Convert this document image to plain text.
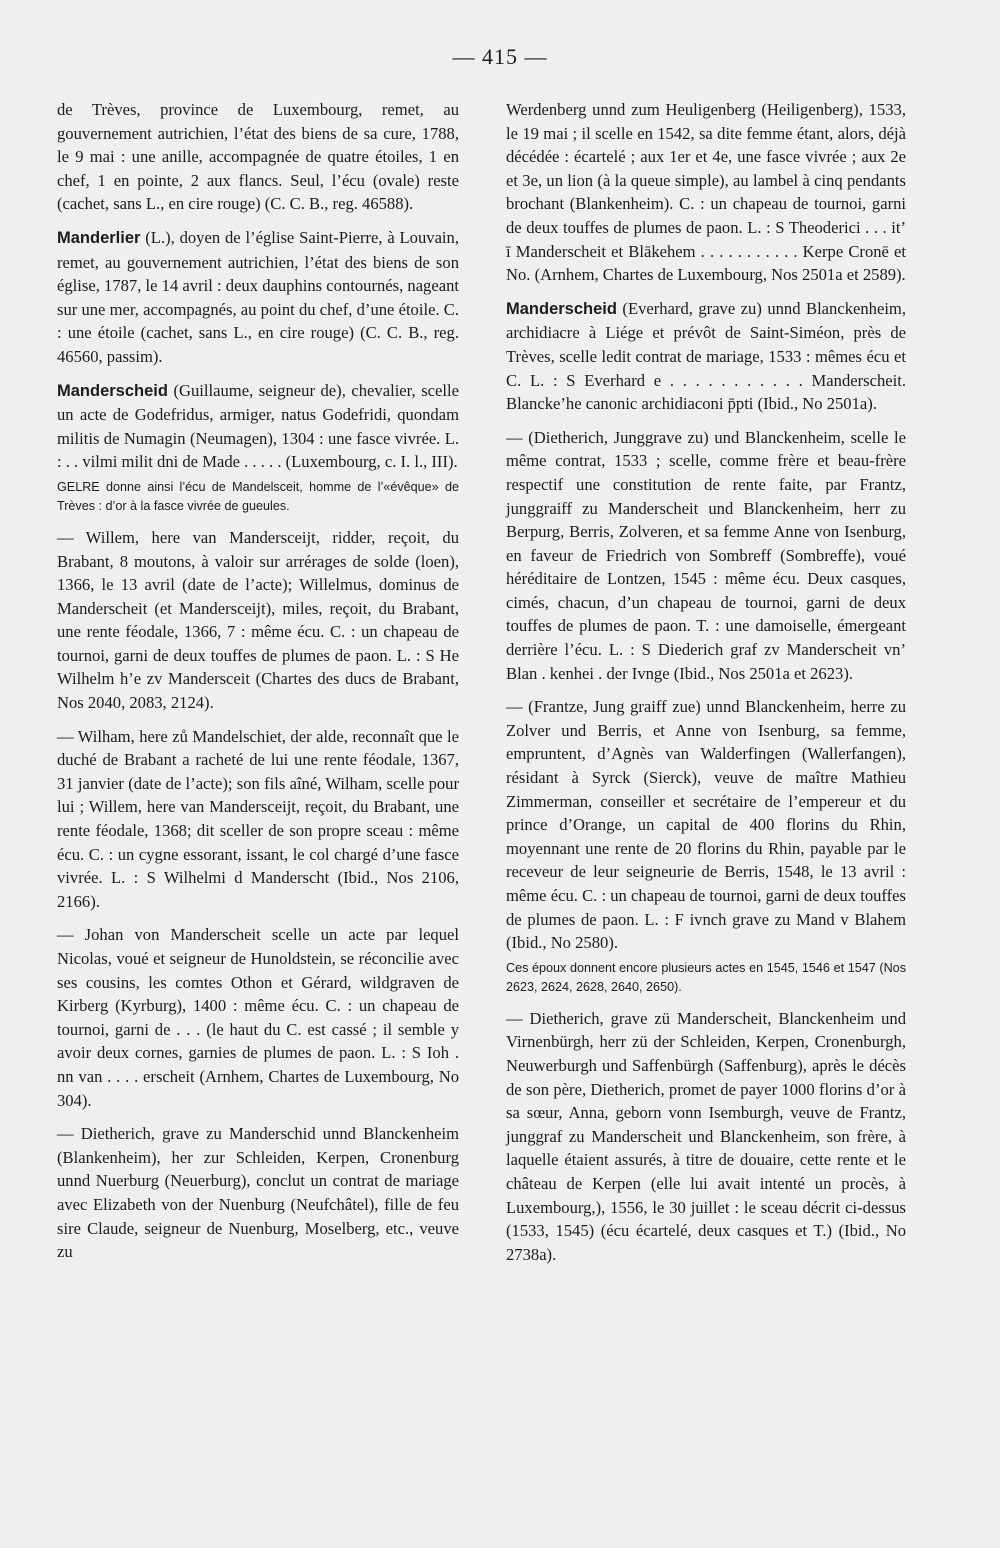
— 415 —

de Trèves, province de Luxembourg, remet, au gouvernement autrichien, l’état des biens de sa cure, 1788, le 9 mai : une anille, accompagnée de quatre étoiles, 1 en chef, 1 en pointe, 2 aux flancs. Seul, l’écu (ovale) reste (cachet, sans L., en cire rouge) (C. C. B., reg. 46588).

Manderlier (L.), doyen de l’église Saint-Pierre, à Louvain, remet, au gouvernement autrichien, l’état des biens de son église, 1787, le 14 avril : deux dauphins contournés, nageant sur une mer, accompagnés, au point du chef, d’une étoile. C. : une étoile (cachet, sans L., en cire rouge) (C. C. B., reg. 46560, passim).

Manderscheid (Guillaume, seigneur de), chevalier, scelle un acte de Godefridus, armiger, natus Godefridi, quondam militis de Numagin (Neumagen), 1304 : une fasce vivrée. L. : . . vilmi milit dni de Made . . . . . (Luxembourg, c. I. l., III).

GELRE donne ainsi l’écu de Mandelsceit, homme de l’«évêque» de Trèves : d’or à la fasce vivrée de gueules.

— Willem, here van Mandersceijt, ridder, reçoit, du Brabant, 8 moutons, à valoir sur arrérages de solde (loen), 1366, le 13 avril (date de l’acte); Willelmus, dominus de Manderscheit (et Mandersceijt), miles, reçoit, du Brabant, une rente féodale, 1366, 7 : même écu. C. : un chapeau de tournoi, garni de deux touffes de plumes de paon. L. : S He Wilhelm h’e zv Mandersceit (Chartes des ducs de Brabant, Nos 2040, 2083, 2124).

— Wilham, here zů Mandelschiet, der alde, reconnaît que le duché de Brabant a racheté de lui une rente féodale, 1367, 31 janvier (date de l’acte); son fils aîné, Wilham, scelle pour lui ; Willem, here van Mandersceijt, reçoit, du Brabant, une rente féodale, 1368; dit sceller de son propre sceau : même écu. C. : un cygne essorant, issant, le col chargé d’une fasce vivrée. L. : S Wilhelmi d Manderscht (Ibid., Nos 2106, 2166).

— Johan von Manderscheit scelle un acte par lequel Nicolas, voué et seigneur de Hunoldstein, se réconcilie avec ses cousins, les comtes Othon et Gérard, wildgraven de Kirberg (Kyrburg), 1400 : même écu. C. : un chapeau de tournoi, garni de . . . (le haut du C. est cassé ; il semble y avoir deux cornes, garnies de plumes de paon. L. : S Ioh . nn van . . . . erscheit (Arnhem, Chartes de Luxembourg, No 304).

— Dietherich, grave zu Manderschid unnd Blanckenheim (Blankenheim), her zur Schleiden, Kerpen, Cronenburg unnd Nuerburg (Neuerburg), conclut un contrat de mariage avec Elizabeth von der Nuenburg (Neufchâtel), fille de feu sire Claude, seigneur de Nuenburg, Moselberg, etc., veuve zu

Werdenberg unnd zum Heuligenberg (Heiligenberg), 1533, le 19 mai ; il scelle en 1542, sa dite femme étant, alors, déjà décédée : écartelé ; aux 1er et 4e, une fasce vivrée ; aux 2e et 3e, un lion (à la queue simple), au lambel à cinq pendants brochant (Blankenheim). C. : un chapeau de tournoi, garni de deux touffes de plumes de paon. L. : S Theoderici . . . it’ ī Manderscheit et Blākehem . . . . . . . . . . . Kerpe Cronē et No. (Arnhem, Chartes de Luxembourg, Nos 2501a et 2589).

Manderscheid (Everhard, grave zu) unnd Blanckenheim, archidiacre à Liége et prévôt de Saint-Siméon, près de Trèves, scelle ledit contrat de mariage, 1533 : mêmes écu et C. L. : S Everhard e . . . . . . . . . . . Manderscheit. Blancke’he canonic archidiaconi p̄pti (Ibid., No 2501a).

— (Dietherich, Junggrave zu) und Blanckenheim, scelle le même contrat, 1533 ; scelle, comme frère et beau-frère respectif une constitution de rente faite, par Frantz, junggraiff zu Manderscheit und Blanckenheim, herr zu Berpurg, Berris, Zolveren, et sa femme Anne von Isenburg, en faveur de Friedrich von Sombreff (Sombreffe), voué héréditaire de Lontzen, 1545 : même écu. Deux casques, cimés, chacun, d’un chapeau de tournoi, garni de deux touffes de plumes de paon. T. : une damoiselle, émergeant derrière l’écu. L. : S Diederich graf zv Manderscheit vn’ Blan . kenhei . der Ivnge (Ibid., Nos 2501a et 2623).

— (Frantze, Jung graiff zue) unnd Blanckenheim, herre zu Zolver und Berris, et Anne von Isenburg, sa femme, empruntent, d’Agnès van Walderfingen (Wallerfangen), résidant à Syrck (Sierck), veuve de maître Mathieu Zimmerman, conseiller et secrétaire de l’empereur et du prince d’Orange, un capital de 400 florins du Rhin, moyennant une rente de 20 florins du Rhin, payable par le receveur de leur seigneurie de Berris, 1548, le 13 avril : même écu. C. : un chapeau de tournoi, garni de deux touffes de plumes de paon. L. : F ivnch grave zu Mand v Blahem (Ibid., No 2580).

Ces époux donnent encore plusieurs actes en 1545, 1546 et 1547 (Nos 2623, 2624, 2628, 2640, 2650).

— Dietherich, grave zü Manderscheit, Blanckenheim und Virnenbürgh, herr zü der Schleiden, Kerpen, Cronenburgh, Neuwerburgh und Saffenbürgh (Saffenburg), après le décès de son père, Dietherich, promet de payer 1000 florins d’or à sa sœur, Anna, geborn vonn Isemburgh, veuve de Frantz, junggraf zu Manderscheit und Blanckenheim, son frère, à laquelle étaient assurés, à titre de douaire, cette rente et le château de Kerpen (elle lui avait intenté un procès, à Luxembourg,), 1556, le 30 juillet : le sceau décrit ci-dessus (1533, 1545) (écu écartelé, deux casques et T.) (Ibid., No 2738a).
